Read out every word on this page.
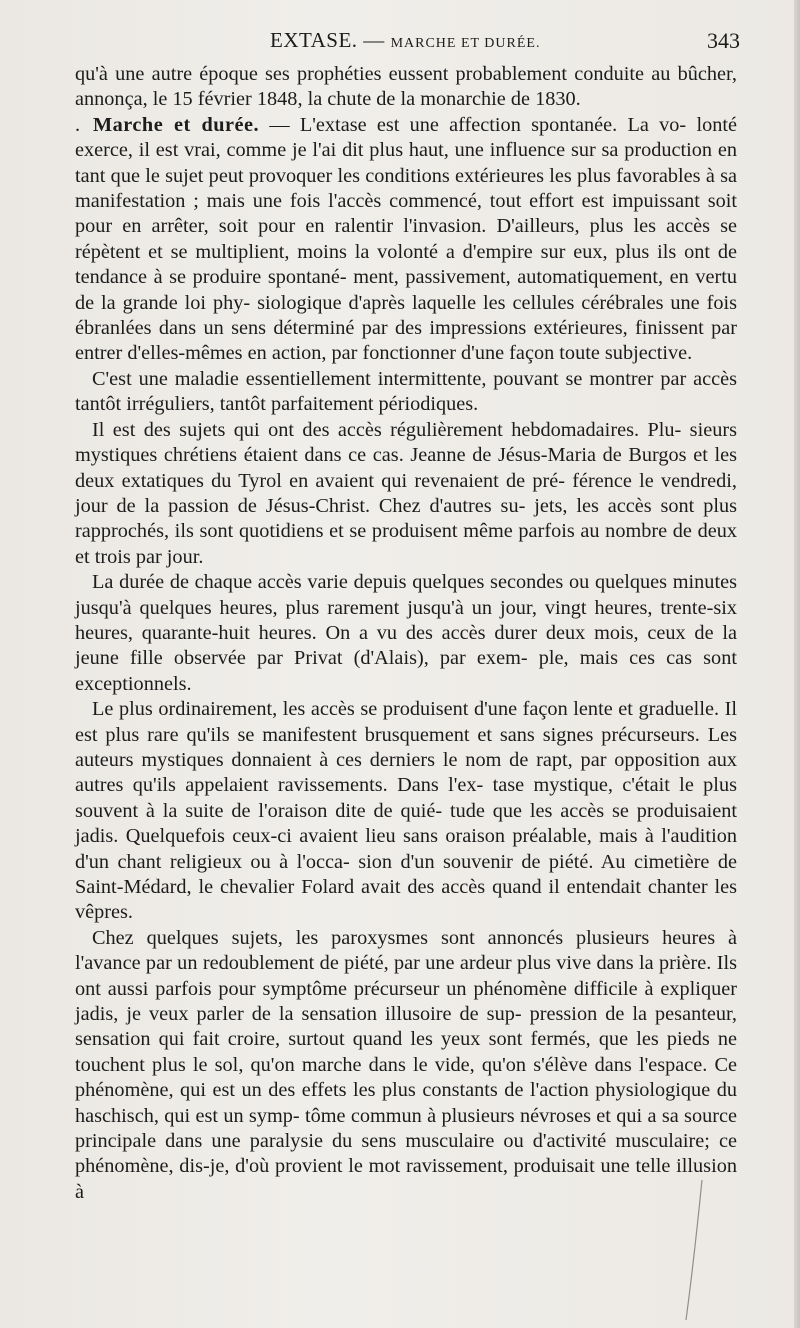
EXTASE. — MARCHE ET DURÉE.	343

qu'à une autre époque ses prophéties eussent probablement conduite au bûcher, annonça, le 15 février 1848, la chute de la monarchie de 1830.

. Marche et durée. — L'extase est une affection spontanée. La vo- lonté exerce, il est vrai, comme je l'ai dit plus haut, une influence sur sa production en tant que le sujet peut provoquer les conditions extérieures les plus favorables à sa manifestation ; mais une fois l'accès commencé, tout effort est impuissant soit pour en arrêter, soit pour en ralentir l'invasion. D'ailleurs, plus les accès se répètent et se multiplient, moins la volonté a d'empire sur eux, plus ils ont de tendance à se produire spontané- ment, passivement, automatiquement, en vertu de la grande loi phy- siologique d'après laquelle les cellules cérébrales une fois ébranlées dans un sens déterminé par des impressions extérieures, finissent par entrer d'elles-mêmes en action, par fonctionner d'une façon toute subjective.

C'est une maladie essentiellement intermittente, pouvant se montrer par accès tantôt irréguliers, tantôt parfaitement périodiques.

Il est des sujets qui ont des accès régulièrement hebdomadaires. Plu- sieurs mystiques chrétiens étaient dans ce cas. Jeanne de Jésus-Maria de Burgos et les deux extatiques du Tyrol en avaient qui revenaient de pré- férence le vendredi, jour de la passion de Jésus-Christ. Chez d'autres su- jets, les accès sont plus rapprochés, ils sont quotidiens et se produisent même parfois au nombre de deux et trois par jour.

La durée de chaque accès varie depuis quelques secondes ou quelques minutes jusqu'à quelques heures, plus rarement jusqu'à un jour, vingt heures, trente-six heures, quarante-huit heures. On a vu des accès durer deux mois, ceux de la jeune fille observée par Privat (d'Alais), par exem- ple, mais ces cas sont exceptionnels.

Le plus ordinairement, les accès se produisent d'une façon lente et graduelle. Il est plus rare qu'ils se manifestent brusquement et sans signes précurseurs. Les auteurs mystiques donnaient à ces derniers le nom de rapt, par opposition aux autres qu'ils appelaient ravissements. Dans l'ex- tase mystique, c'était le plus souvent à la suite de l'oraison dite de quié- tude que les accès se produisaient jadis. Quelquefois ceux-ci avaient lieu sans oraison préalable, mais à l'audition d'un chant religieux ou à l'occa- sion d'un souvenir de piété. Au cimetière de Saint-Médard, le chevalier Folard avait des accès quand il entendait chanter les vêpres.

Chez quelques sujets, les paroxysmes sont annoncés plusieurs heures à l'avance par un redoublement de piété, par une ardeur plus vive dans la prière. Ils ont aussi parfois pour symptôme précurseur un phénomène difficile à expliquer jadis, je veux parler de la sensation illusoire de sup- pression de la pesanteur, sensation qui fait croire, surtout quand les yeux sont fermés, que les pieds ne touchent plus le sol, qu'on marche dans le vide, qu'on s'élève dans l'espace. Ce phénomène, qui est un des effets les plus constants de l'action physiologique du haschisch, qui est un symp- tôme commun à plusieurs névroses et qui a sa source principale dans une paralysie du sens musculaire ou d'activité musculaire; ce phénomène, dis-je, d'où provient le mot ravissement, produisait une telle illusion à
